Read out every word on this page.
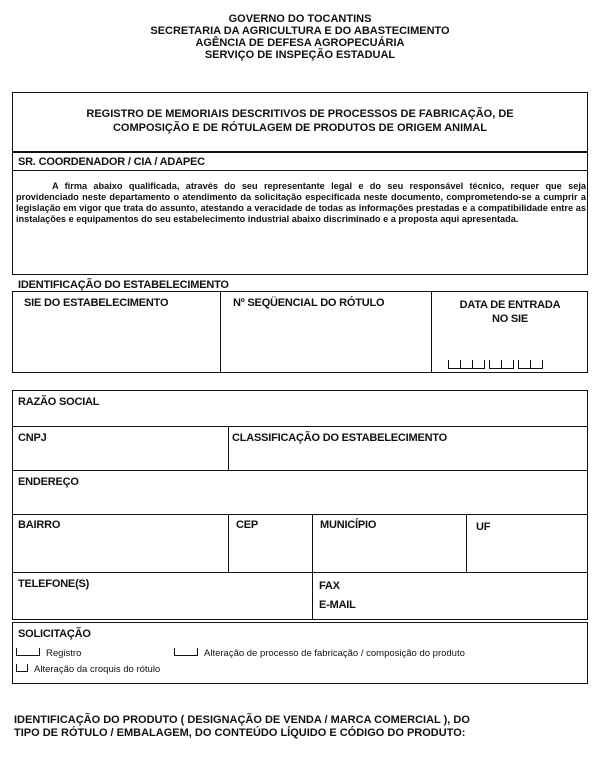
GOVERNO DO TOCANTINS
SECRETARIA DA AGRICULTURA E DO ABASTECIMENTO
AGÊNCIA DE DEFESA AGROPECUÁRIA
SERVIÇO DE INSPEÇÃO ESTADUAL
REGISTRO DE MEMORIAIS DESCRITIVOS DE PROCESSOS DE FABRICAÇÃO, DE
COMPOSIÇÃO E DE RÓTULAGEM DE PRODUTOS DE ORIGEM ANIMAL
SR. COORDENADOR / CIA / ADAPEC
A firma abaixo qualificada, através do seu representante legal e do seu responsável técnico, requer que seja providenciado neste departamento o atendimento da solicitação especificada neste documento, comprometendo-se a cumprir a legislação em vigor que trata do assunto, atestando a veracidade de todas as informações prestadas e a compatibilidade entre as instalações e equipamentos do seu estabelecimento industrial abaixo discriminado e a proposta aqui apresentada.
IDENTIFICAÇÃO DO ESTABELECIMENTO
SIE DO ESTABELECIMENTO	Nº SEQÜENCIAL DO RÓTULO	DATA DE ENTRADA
NO SIE
RAZÃO SOCIAL
CNPJ	CLASSIFICAÇÃO DO ESTABELECIMENTO
ENDEREÇO
BAIRRO	CEP	MUNICÍPIO	UF
TELEFONE(S)	FAX
E-MAIL
SOLICITAÇÃO
Registro	Alteração de processo de fabricação / composição do produto
Alteração da croquis do rótulo
IDENTIFICAÇÃO DO PRODUTO ( DESIGNAÇÃO DE VENDA / MARCA COMERCIAL ), DO
TIPO DE RÓTULO / EMBALAGEM, DO CONTEÚDO LÍQUIDO E CÓDIGO DO PRODUTO:
